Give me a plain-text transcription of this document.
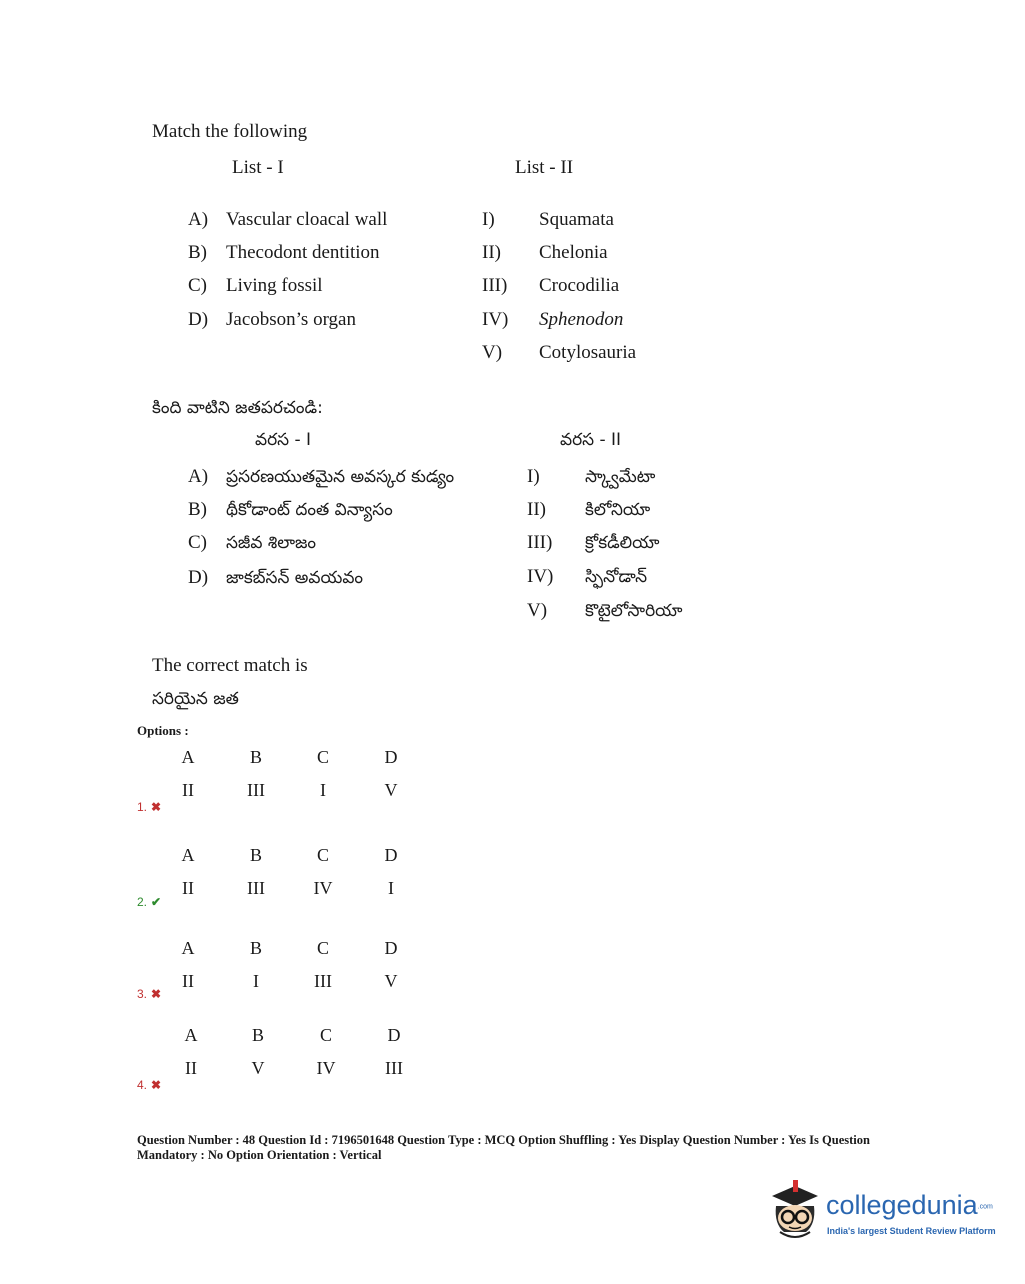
Match the following
List - I	List - II
A) Vascular cloacal wall
B) Thecodont dentition
C) Living fossil
D) Jacobson’s organ
I) Squamata
II) Chelonia
III) Crocodilia
IV) Sphenodon
V) Cotylosauria
కింది వాటిని జతపరచండి:
వరస - I	వరస - II
A) ప్రసరణయుతమైన అవస్కర కుడ్యం
B) థీకోడాంట్ దంత విన్యాసం
C) సజీవ శిలాజం
D) జాకబ్‌సన్ అవయవం
I)	స్క్వామేటా
II) కిలోనియా
III) క్రోకడీలియా
IV) స్ఫినోడాన్
V) కొటైలోసారియా
The correct match is
సరియైన జత
Options :
A	B	C	D
II	III	I	V
1. ✖
A	B	C	D
II	III	IV	I
2. ✔
A	B	C	D
II	I	III	V
3. ✖
A	B	C	D
II	V	IV	III
4. ✖
Question Number : 48 Question Id : 7196501648 Question Type : MCQ Option Shuffling : Yes Display Question Number : Yes Is Question Mandatory : No Option Orientation : Vertical
collegedunia.com
India's largest Student Review Platform
